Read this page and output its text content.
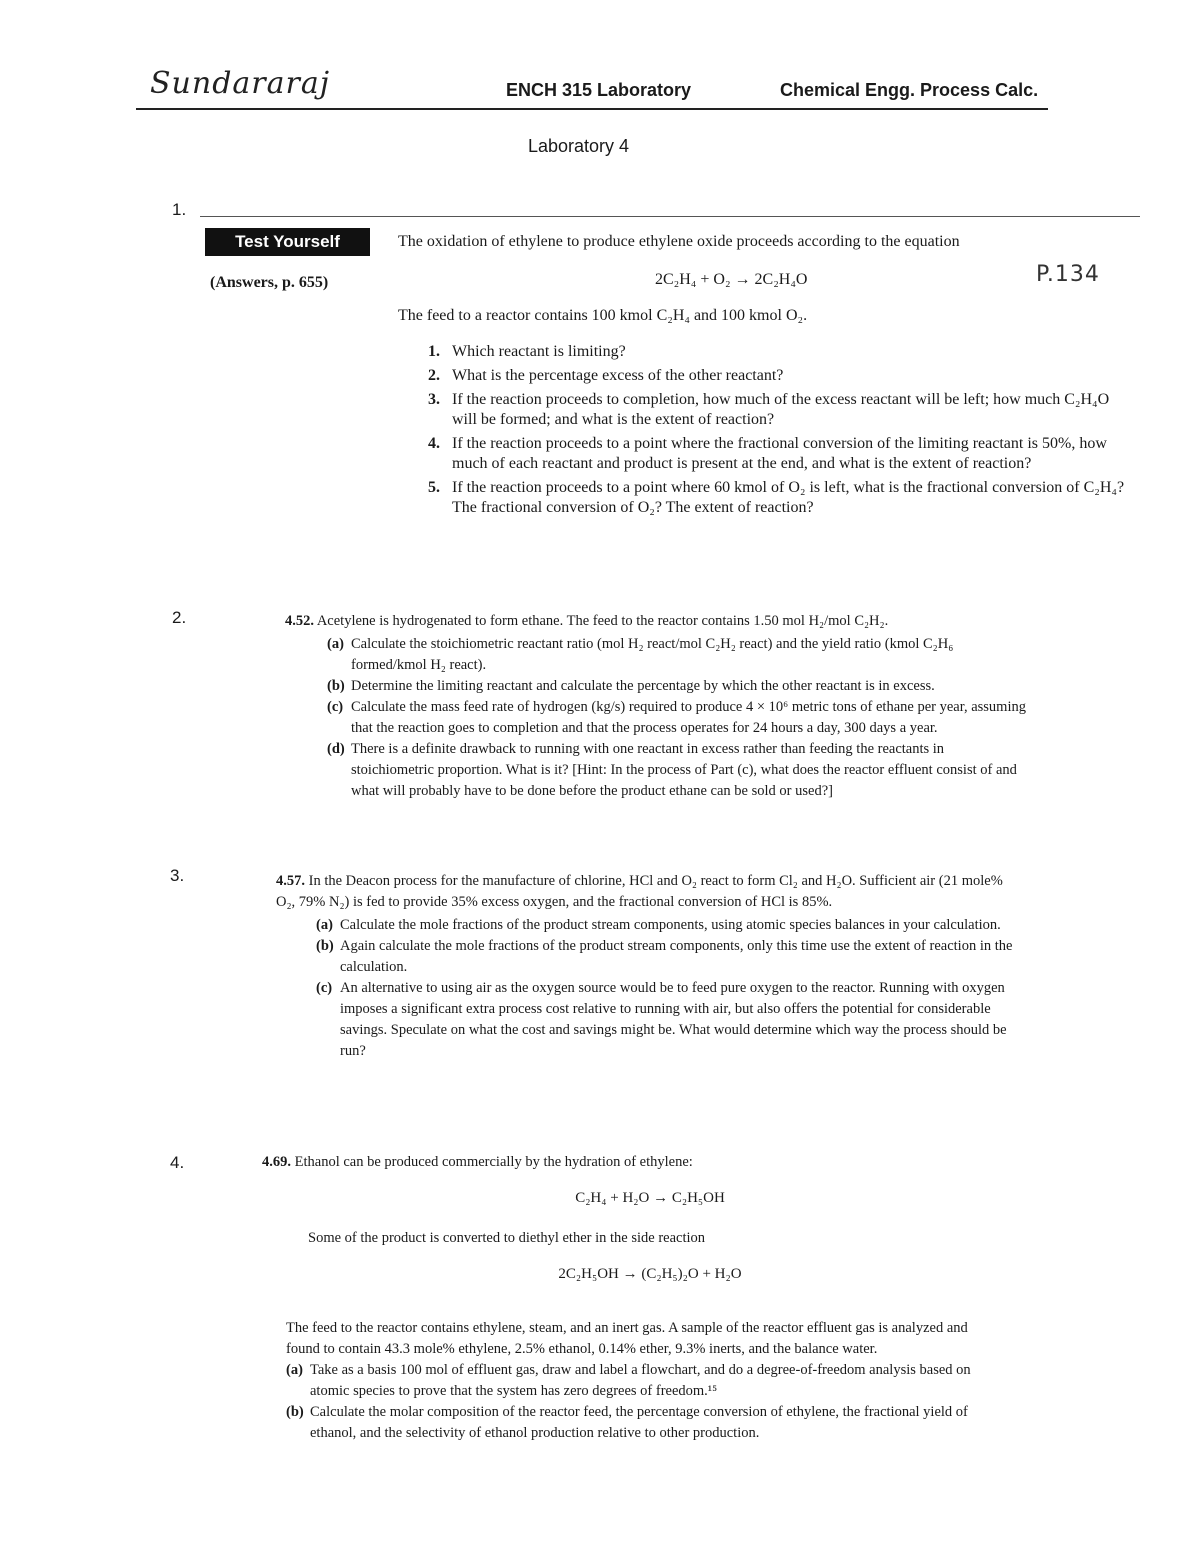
Sundararaj	ENCH 315 Laboratory	Chemical Engg. Process Calc.
Laboratory 4
1.
Test Yourself
(Answers, p. 655)	P.134
The oxidation of ethylene to produce ethylene oxide proceeds according to the equation
2C₂H₄ + O₂ → 2C₂H₄O
The feed to a reactor contains 100 kmol C₂H₄ and 100 kmol O₂.
1. Which reactant is limiting?
2. What is the percentage excess of the other reactant?
3. If the reaction proceeds to completion, how much of the excess reactant will be left; how much C₂H₄O will be formed; and what is the extent of reaction?
4. If the reaction proceeds to a point where the fractional conversion of the limiting reactant is 50%, how much of each reactant and product is present at the end, and what is the extent of reaction?
5. If the reaction proceeds to a point where 60 kmol of O₂ is left, what is the fractional conversion of C₂H₄? The fractional conversion of O₂? The extent of reaction?
2.	4.52. Acetylene is hydrogenated to form ethane. The feed to the reactor contains 1.50 mol H₂/mol C₂H₂.
(a) Calculate the stoichiometric reactant ratio (mol H₂ react/mol C₂H₂ react) and the yield ratio (kmol C₂H₆ formed/kmol H₂ react).
(b) Determine the limiting reactant and calculate the percentage by which the other reactant is in excess.
(c) Calculate the mass feed rate of hydrogen (kg/s) required to produce 4 × 10⁶ metric tons of ethane per year, assuming that the reaction goes to completion and that the process operates for 24 hours a day, 300 days a year.
(d) There is a definite drawback to running with one reactant in excess rather than feeding the reactants in stoichiometric proportion. What is it? [Hint: In the process of Part (c), what does the reactor effluent consist of and what will probably have to be done before the product ethane can be sold or used?]
3.	4.57. In the Deacon process for the manufacture of chlorine, HCl and O₂ react to form Cl₂ and H₂O. Sufficient air (21 mole% O₂, 79% N₂) is fed to provide 35% excess oxygen, and the fractional conversion of HCl is 85%.
(a) Calculate the mole fractions of the product stream components, using atomic species balances in your calculation.
(b) Again calculate the mole fractions of the product stream components, only this time use the extent of reaction in the calculation.
(c) An alternative to using air as the oxygen source would be to feed pure oxygen to the reactor. Running with oxygen imposes a significant extra process cost relative to running with air, but also offers the potential for considerable savings. Speculate on what the cost and savings might be. What would determine which way the process should be run?
4.	4.69. Ethanol can be produced commercially by the hydration of ethylene:
C₂H₄ + H₂O → C₂H₅OH
Some of the product is converted to diethyl ether in the side reaction
2C₂H₅OH → (C₂H₅)₂O + H₂O
The feed to the reactor contains ethylene, steam, and an inert gas. A sample of the reactor effluent gas is analyzed and found to contain 43.3 mole% ethylene, 2.5% ethanol, 0.14% ether, 9.3% inerts, and the balance water.
(a) Take as a basis 100 mol of effluent gas, draw and label a flowchart, and do a degree-of-freedom analysis based on atomic species to prove that the system has zero degrees of freedom.¹⁵
(b) Calculate the molar composition of the reactor feed, the percentage conversion of ethylene, the fractional yield of ethanol, and the selectivity of ethanol production relative to other production.
